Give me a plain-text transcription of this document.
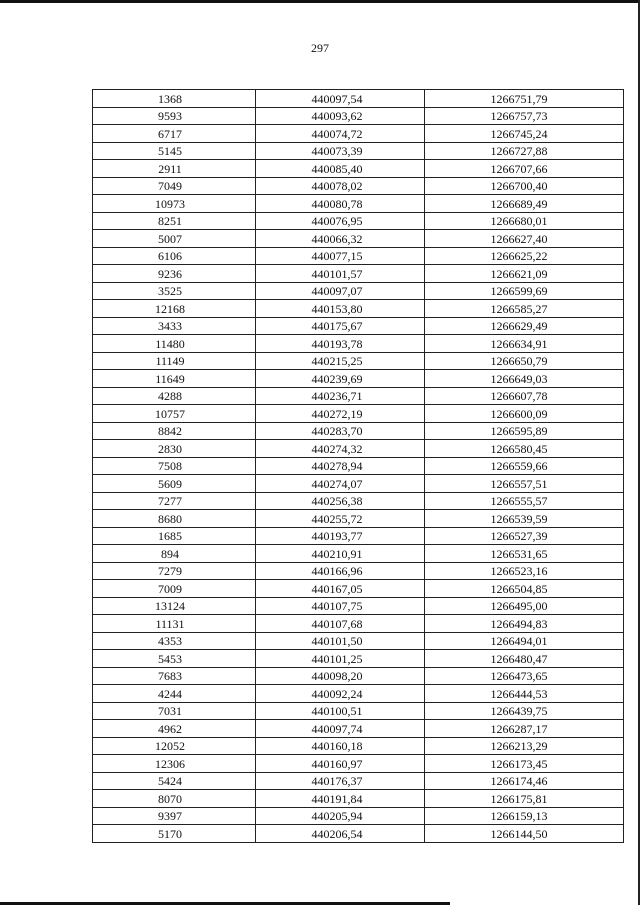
297
1368	440097,54	1266751,79
9593	440093,62	1266757,73
6717	440074,72	1266745,24
5145	440073,39	1266727,88
2911	440085,40	1266707,66
7049	440078,02	1266700,40
10973	440080,78	1266689,49
8251	440076,95	1266680,01
5007	440066,32	1266627,40
6106	440077,15	1266625,22
9236	440101,57	1266621,09
3525	440097,07	1266599,69
12168	440153,80	1266585,27
3433	440175,67	1266629,49
11480	440193,78	1266634,91
11149	440215,25	1266650,79
11649	440239,69	1266649,03
4288	440236,71	1266607,78
10757	440272,19	1266600,09
8842	440283,70	1266595,89
2830	440274,32	1266580,45
7508	440278,94	1266559,66
5609	440274,07	1266557,51
7277	440256,38	1266555,57
8680	440255,72	1266539,59
1685	440193,77	1266527,39
894	440210,91	1266531,65
7279	440166,96	1266523,16
7009	440167,05	1266504,85
13124	440107,75	1266495,00
11131	440107,68	1266494,83
4353	440101,50	1266494,01
5453	440101,25	1266480,47
7683	440098,20	1266473,65
4244	440092,24	1266444,53
7031	440100,51	1266439,75
4962	440097,74	1266287,17
12052	440160,18	1266213,29
12306	440160,97	1266173,45
5424	440176,37	1266174,46
8070	440191,84	1266175,81
9397	440205,94	1266159,13
5170	440206,54	1266144,50
